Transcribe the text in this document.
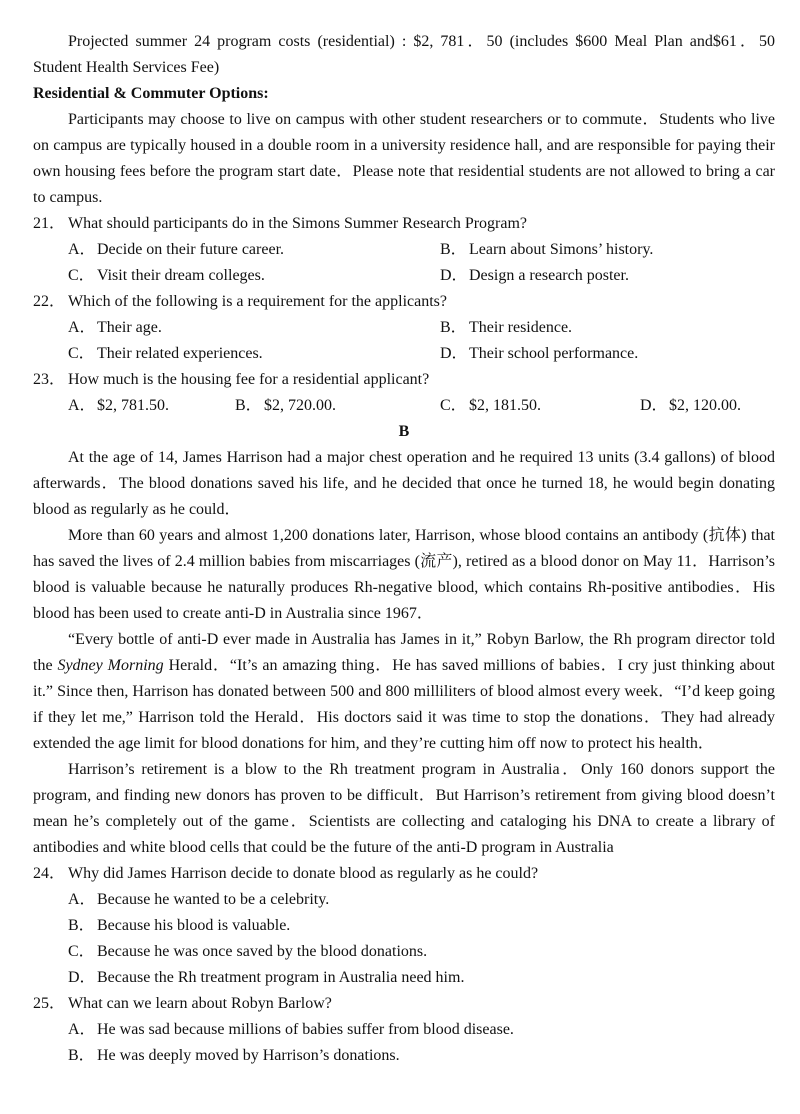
Projected summer 24 program costs (residential) : $2, 781．50 (includes $600 Meal Plan and$61．50 Student Health Services Fee)

Residential & Commuter Options:

Participants may choose to live on campus with other student researchers or to commute．Students who live on campus are typically housed in a double room in a university residence hall, and are responsible for paying their own housing fees before the program start date．Please note that residential students are not allowed to bring a car to campus.

21． What should participants do in the Simons Summer Research Program?
A．Decide on their future career.	B． Learn about Simons’ history.
C． Visit their dream colleges.	D．Design a research poster.
22． Which of the following is a requirement for the applicants?
A．Their age.	B． Their residence.
C． Their related experiences.	D．Their school performance.
23． How much is the housing fee for a residential applicant?
A．$2, 781.50.	B． $2, 720.00.	C． $2, 181.50.	D．$2, 120.00.
B

At the age of 14, James Harrison had a major chest operation and he required 13 units (3.4 gallons) of blood afterwards．The blood donations saved his life, and he decided that once he turned 18, he would begin donating blood as regularly as he could．

More than 60 years and almost 1,200 donations later, Harrison, whose blood contains an antibody (抗体) that has saved the lives of 2.4 million babies from miscarriages (流产), retired as a blood donor on May 11．Harrison’s blood is valuable because he naturally produces Rh-negative blood, which contains Rh-positive antibodies．His blood has been used to create anti-D in Australia since 1967．

“Every bottle of anti-D ever made in Australia has James in it,” Robyn Barlow, the Rh program director told the Sydney Morning Herald．“It’s an amazing thing．He has saved millions of babies．I cry just thinking about it.” Since then, Harrison has donated between 500 and 800 milliliters of blood almost every week．“I’d keep going if they let me,” Harrison told the Herald．His doctors said it was time to stop the donations．They had already extended the age limit for blood donations for him, and they’re cutting him off now to protect his health．

Harrison’s retirement is a blow to the Rh treatment program in Australia．Only 160 donors support the program, and finding new donors has proven to be difficult．But Harrison’s retirement from giving blood doesn’t mean he’s completely out of the game．Scientists are collecting and cataloging his DNA to create a library of antibodies and white blood cells that could be the future of the anti-D program in Australia

24． Why did James Harrison decide to donate blood as regularly as he could?
A．Because he wanted to be a celebrity.
B． Because his blood is valuable.
C． Because he was once saved by the blood donations.
D．Because the Rh treatment program in Australia need him.
25． What can we learn about Robyn Barlow?
A．He was sad because millions of babies suffer from blood disease.
B． He was deeply moved by Harrison’s donations.
